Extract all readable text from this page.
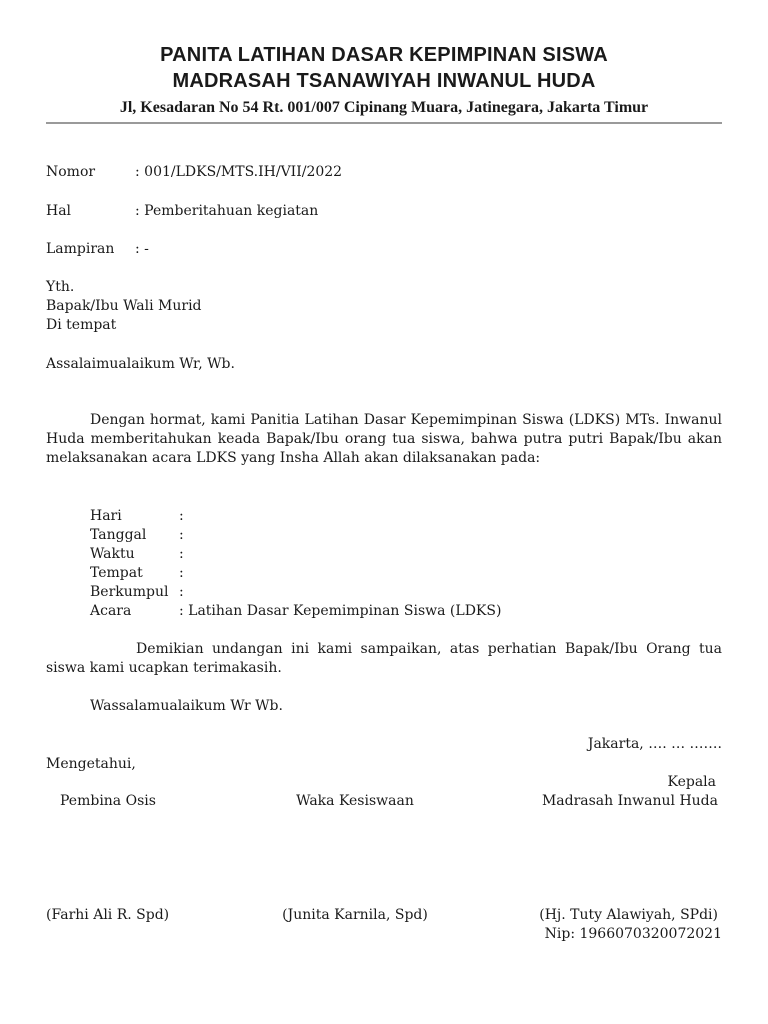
PANITA LATIHAN DASAR KEPIMPINAN SISWA
MADRASAH TSANAWIYAH INWANUL HUDA
Jl, Kesadaran No 54 Rt. 001/007 Cipinang Muara, Jatinegara, Jakarta Timur
Nomor	: 001/LDKS/MTS.IH/VII/2022
Hal	: Pemberitahuan kegiatan
Lampiran : -
Yth.
Bapak/Ibu Wali Murid
Di tempat
Assalaimualaikum Wr, Wb.
Dengan hormat, kami Panitia Latihan Dasar Kepemimpinan Siswa (LDKS) MTs. Inwanul Huda memberitahukan keada Bapak/Ibu orang tua siswa, bahwa putra putri Bapak/Ibu akan melaksanakan acara LDKS yang Insha Allah akan dilaksanakan pada:
Hari	:
Tanggal :
Waktu	:
Tempat	:
Berkumpul :
Acara	: Latihan Dasar Kepemimpinan Siswa (LDKS)
Demikian undangan ini kami sampaikan, atas perhatian Bapak/Ibu Orang tua siswa kami ucapkan terimakasih.
Wassalamualaikum Wr Wb.
Jakarta, …. … …….
Mengetahui,
Kepala
Pembina Osis	Waka Kesiswaan	Madrasah Inwanul Huda
(Farhi Ali R. Spd)	(Junita Karnila, Spd)	(Hj. Tuty Alawiyah, SPdi)
Nip: 1966070320072021
